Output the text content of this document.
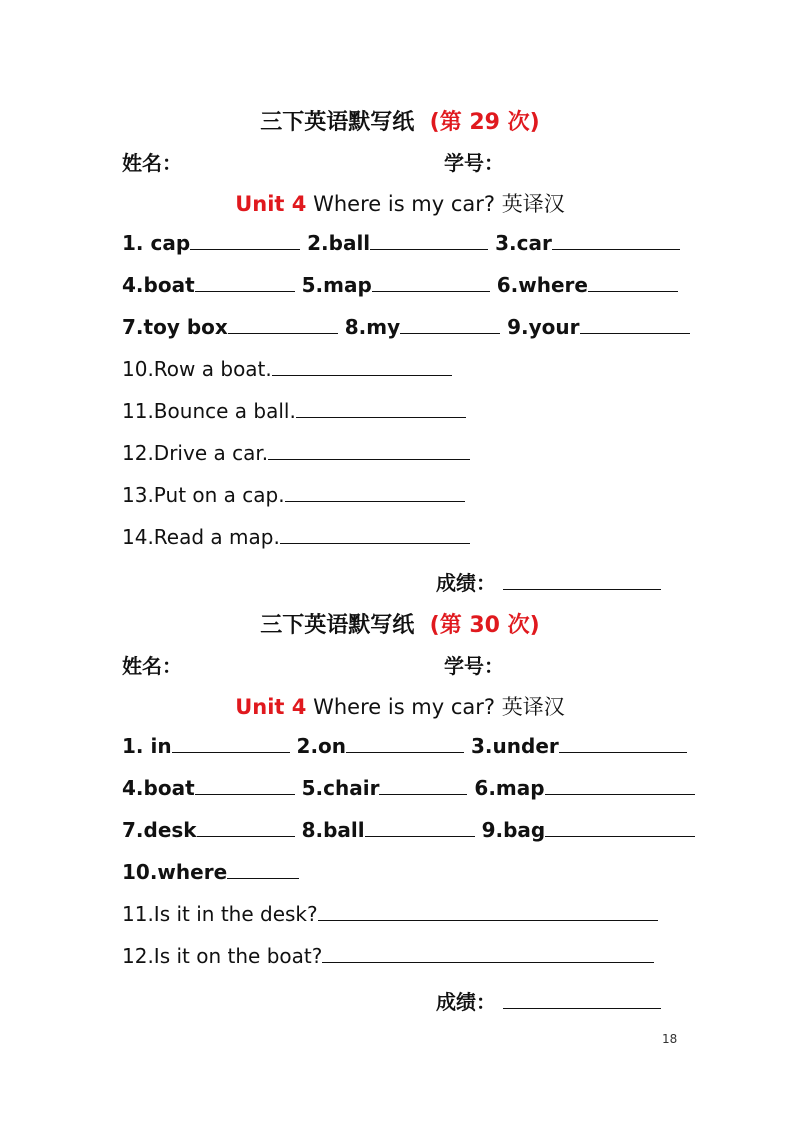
三下英语默写纸 (第 29 次)
姓名：	学号：
Unit 4 Where is my car? 英译汉
1. cap	2.ball	3.car
4.boat	5.map	6.where
7.toy box	8.my	9.your
10.Row a boat.
11.Bounce a ball.
12.Drive a car.
13.Put on a cap.
14.Read a map.
成绩：
三下英语默写纸 (第 30 次)
姓名：	学号：
Unit 4 Where is my car? 英译汉
1. in	2.on	3.under
4.boat	5.chair	6.map
7.desk	8.ball	9.bag
10.where
11.Is it in the desk?
12.Is it on the boat?
成绩：
18
